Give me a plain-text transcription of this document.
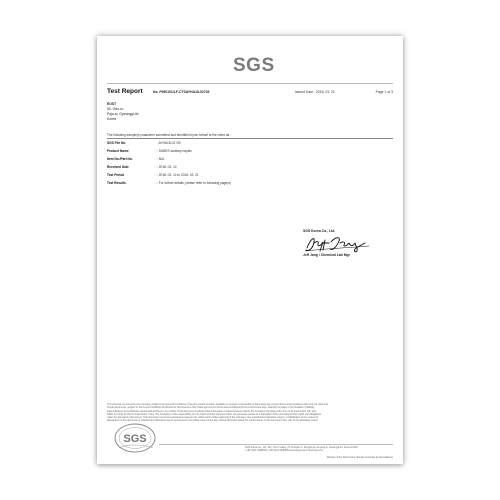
SGS
Test Report	No. F690101/LF-CTSAYHA18-02749	Issued Date : 2018. 03. 21	Page 1 of 3
EOST
50, Odo-ro
Paju-si, Gyeonggi-do
Korea
The following sample(s) was/were submitted and identified by/on behalf of the client as :
SGS File No.	: AYHA18-02749
Product Name	: SUBES sanitary napkin
Item No./Part No.	: N/A
Received Date	: 2018. 03. 14
Test Period	: 2018. 03. 14 to 2018. 03. 21
Test Results	: For further details, please refer to following page(s)
SGS Korea Co., Ltd.
Jeff Jang / Chemical Lab Mgr
This document is issued by the Company subject to its General Conditions of Service printed overleaf, available on request or accessible at http://www.sgs.com/en/Terms-and-Conditions.aspx and, for electronic
format documents, subject to Terms and Conditions for Electronic Documents at http://www.sgs.com/en/Terms-and-Conditions/Terms-e-Document.aspx. Attention is drawn to the limitation of liability,
indemnification and jurisdiction issues defined therein. Any holder of this document is advised that information contained hereon reflects the Company's findings at the time of its intervention only and
within the limits of Client's instructions, if any. The Company's sole responsibility is to its Client and this document does not exonerate parties to a transaction from exercising all their rights and obligations
under the transaction documents. This document cannot be reproduced except in full, without prior written approval of the Company. Any unauthorized alteration, forgery or falsification of the content or
appearance of this document is unlawful and offenders may be prosecuted to the fullest extent of the law. Unless otherwise stated the results shown in this test report refer only to the sample(s) tested.
SGS
SGS Korea Co., Ltd. 322, The O valley, 76, Dongan-ro, Dongan-gu, Anyang-si, Gyeonggi-do, Korea 14118
t +82 (0)31 4608000 f +82 (0)31 4608059 www.sgsgroup.kr www.sgs.com
Member of the SGS Group (Société Générale de Surveillance)
